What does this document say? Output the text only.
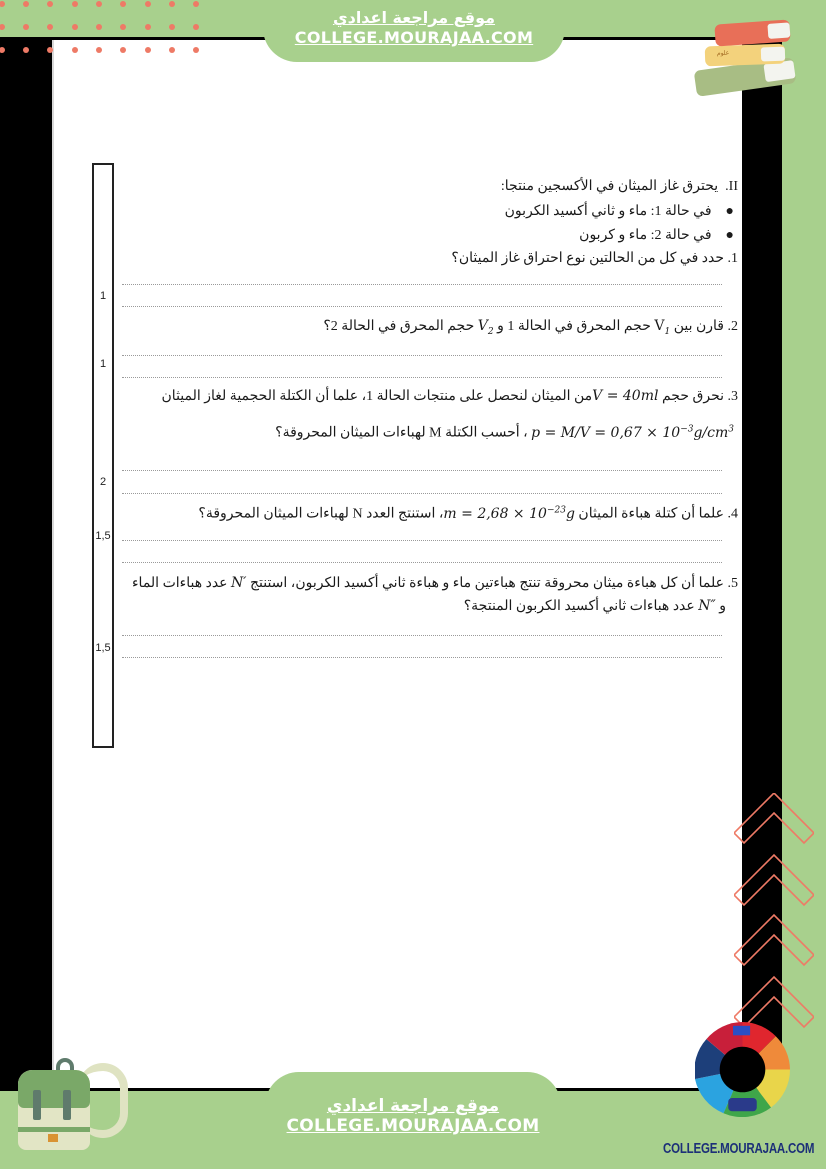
موقع مراجعة اعدادي
COLLEGE.MOURAJAA.COM
ﻋﻠﻮﻡ
II.  يحترق غاز الميثان في الأكسجين منتجا:
●في حالة 1: ماء و ثاني أكسيد الكربون
●في حالة 2: ماء و كربون
1. حدد في كل من الحالتين نوع احتراق غاز الميثان؟
1
2. قارن بين $V_1$ حجم المحرق في الحالة 1 و $V_2$ حجم المحرق في الحالة 2؟
1
3. نحرق حجم V = 40mlمن الميثان لنحصل على منتجات الحالة 1، علما أن الكتلة الحجمية لغاز الميثان
$p = M/V = 0,67 \times 10^{-3}g/cm^3$ ، أحسب الكتلة M لهباءات الميثان المحروقة؟
2
4. علما أن كتلة هباءة الميثان $m = 2,68 \times 10^{-23}g،$ استنتج العدد N لهباءات الميثان المحروقة؟
1,5
5. علما أن كل هباءة ميثان محروقة تنتج هباءتين ماء و هباءة ثاني أكسيد الكربون، استنتج N′ عدد هباءات الماء
و N″ عدد هباءات ثاني أكسيد الكربون المنتجة؟
1,5
موقع مراجعة اعدادي
COLLEGE.MOURAJAA.COM
COLLEGE.MOURAJAA.COM
